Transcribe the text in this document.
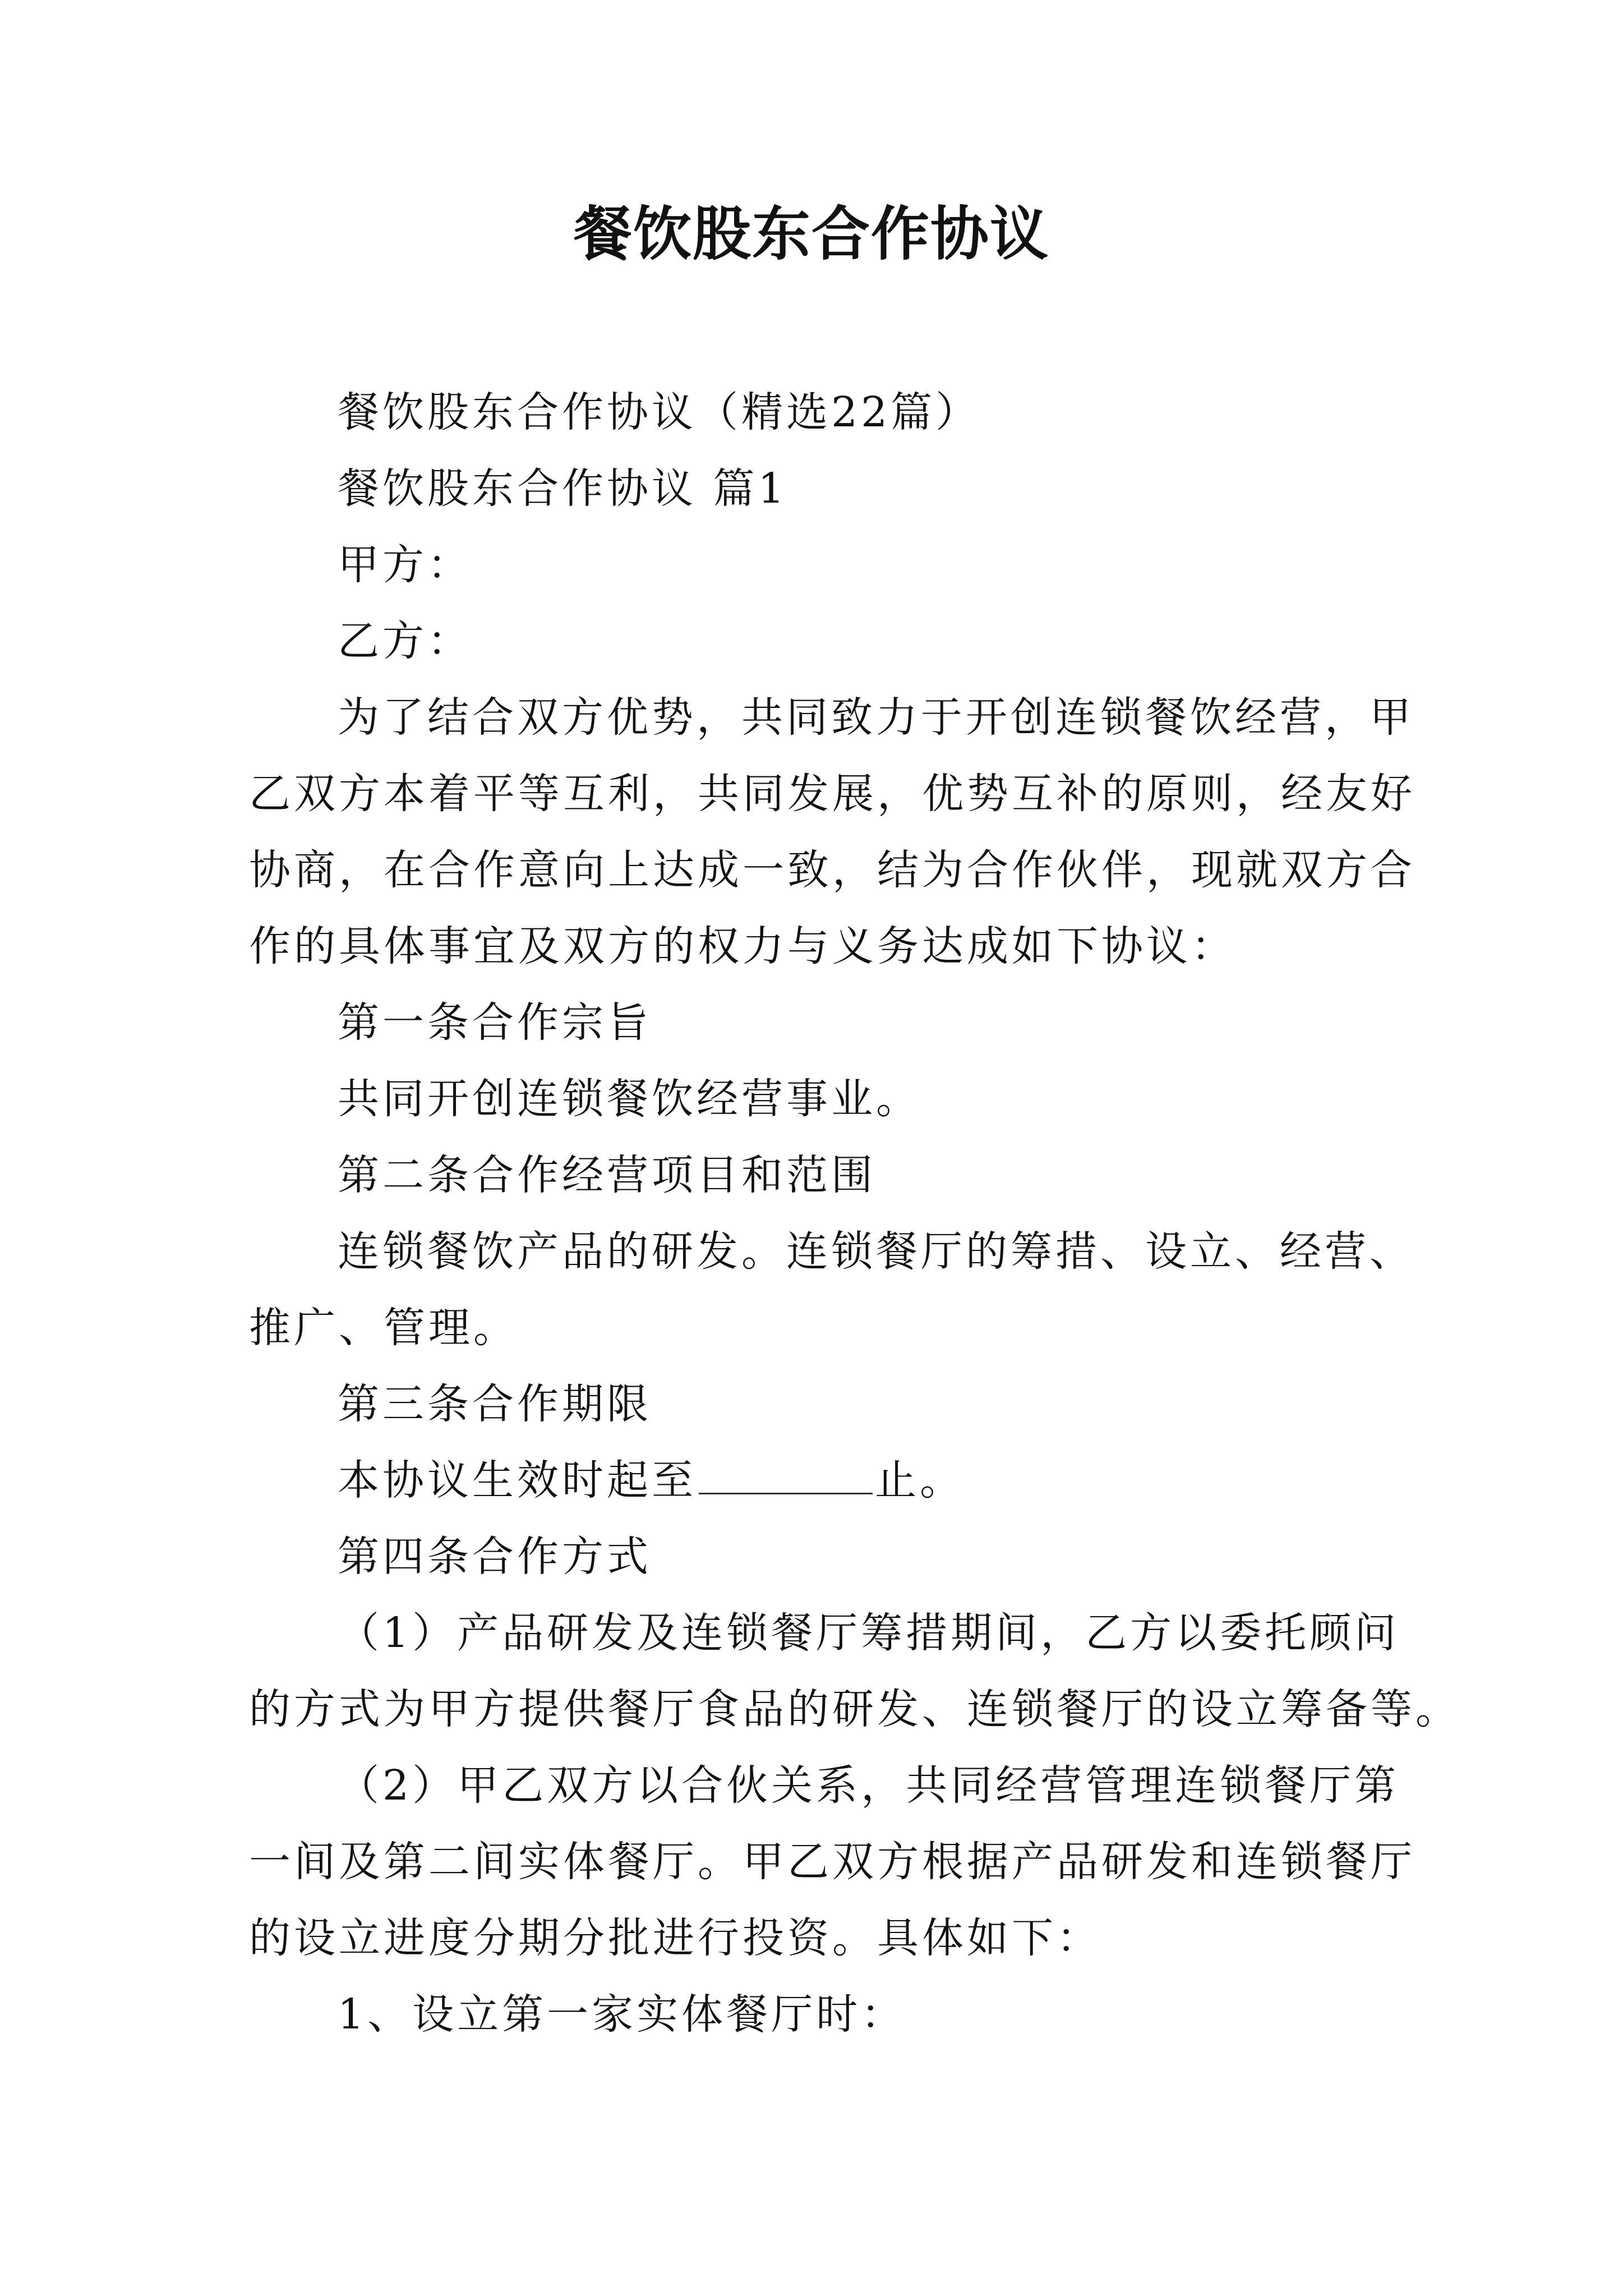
餐饮股东合作协议
餐饮股东合作协议（精选22篇）
餐饮股东合作协议 篇1
甲方：
乙方：
为了结合双方优势，共同致力于开创连锁餐饮经营，甲
乙双方本着平等互利，共同发展，优势互补的原则，经友好
协商，在合作意向上达成一致，结为合作伙伴，现就双方合
作的具体事宜及双方的权力与义务达成如下协议：
第一条合作宗旨
共同开创连锁餐饮经营事业。
第二条合作经营项目和范围
连锁餐饮产品的研发。连锁餐厅的筹措、设立、经营、
推广、管理。
第三条合作期限
本协议生效时起至	止。
第四条合作方式
（1）产品研发及连锁餐厅筹措期间，乙方以委托顾问
的方式为甲方提供餐厅食品的研发、连锁餐厅的设立筹备等。
（2）甲乙双方以合伙关系，共同经营管理连锁餐厅第
一间及第二间实体餐厅。甲乙双方根据产品研发和连锁餐厅
的设立进度分期分批进行投资。具体如下：
1、设立第一家实体餐厅时：
